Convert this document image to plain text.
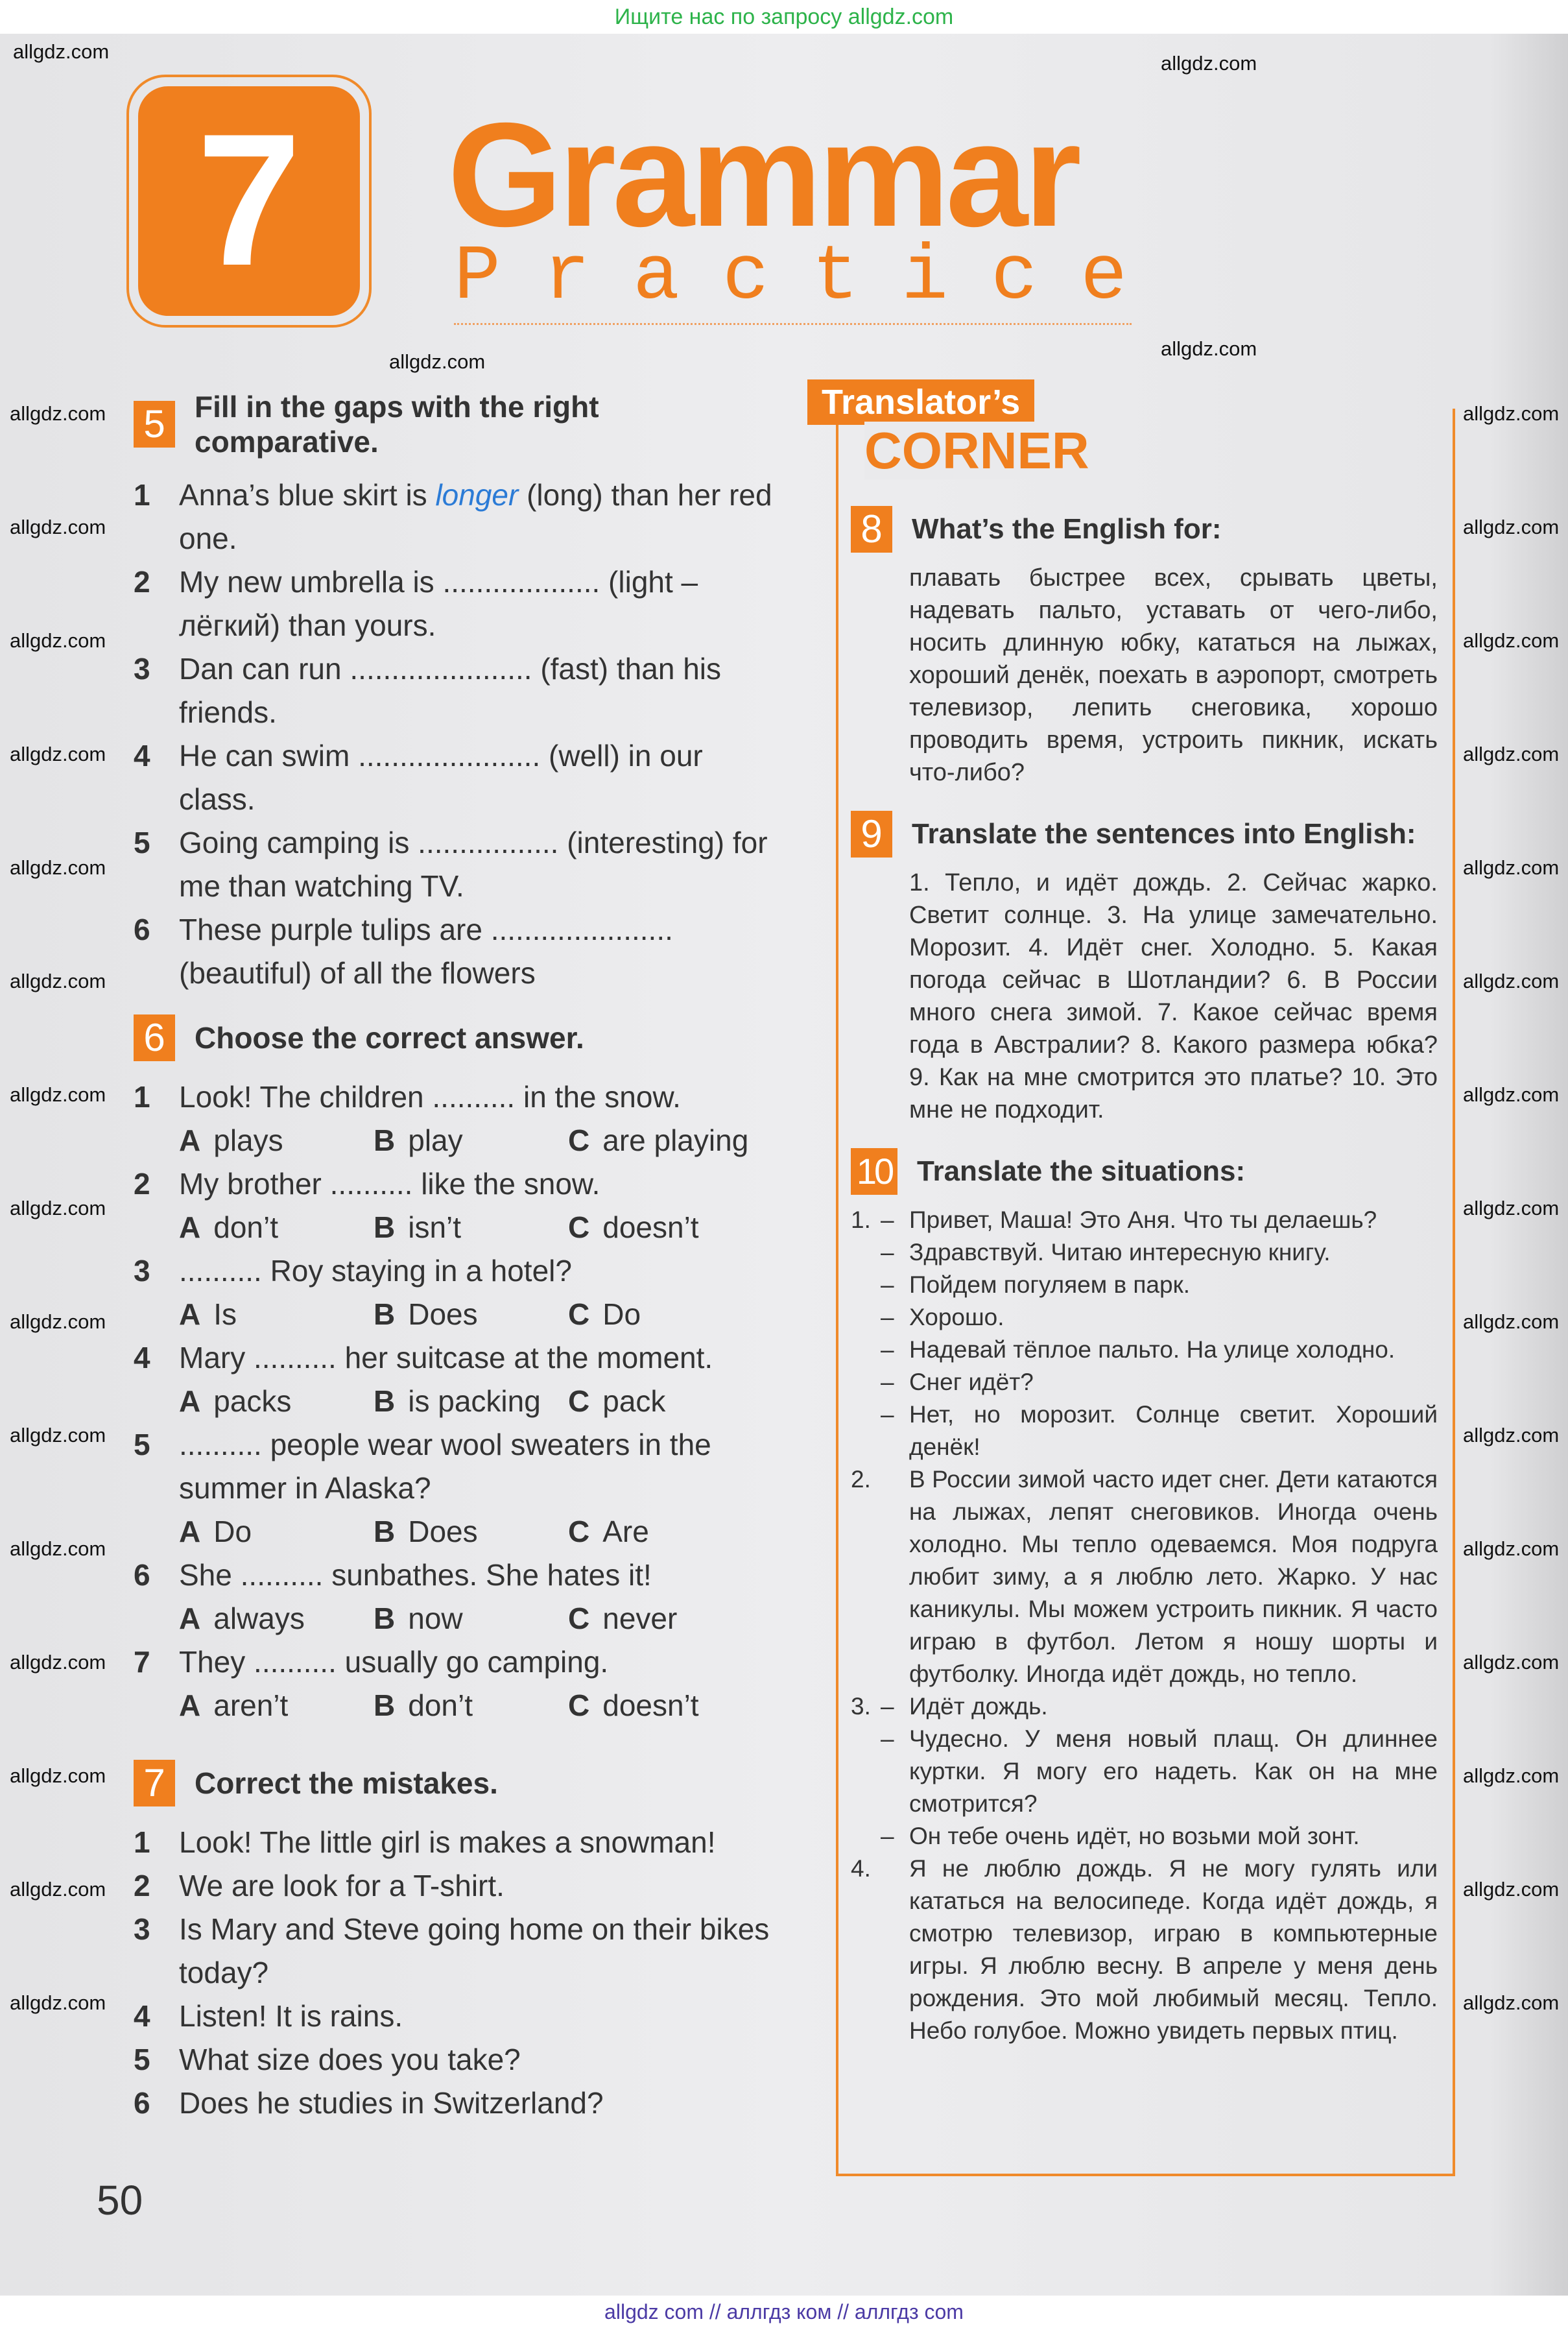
Ищите нас по запросу allgdz.com
7 Grammar
Practice
5 Fill in the gaps with the right comparative.
1 Anna’s blue skirt is longer (long) than her red one.
2 My new umbrella is ................... (light – лёгкий) than yours.
3 Dan can run ...................... (fast) than his friends.
4 He can swim ...................... (well) in our class.
5 Going camping is ................. (interesting) for me than watching TV.
6 These purple tulips are ...................... (beautiful) of all the flowers
6 Choose the correct answer.
1 Look! The children .......... in the snow.
A plays	B play	C are playing
2 My brother .......... like the snow.
A don’t	B isn’t	C doesn’t
3 .......... Roy staying in a hotel?
A Is	B Does	C Do
4 Mary .......... her suitcase at the moment.
A packs	B is packing C pack
5 .......... people wear wool sweaters in the summer in Alaska?
A Do	B Does	C Are
6 She .......... sunbathes. She hates it!
A always	B now	C never
7 They .......... usually go camping.
A aren’t	B don’t	C doesn’t
7 Correct the mistakes.
1 Look! The little girl is makes a snowman!
2 We are look for a T-shirt.
3 Is Mary and Steve going home on their bikes today?
4 Listen! It is rains.
5 What size does you take?
6 Does he studies in Switzerland?
Translator’s
CORNER
8	What’s the English for:
плавать быстрее всех, срывать цветы, надевать пальто, уставать от чего-либо, носить длинную юбку, кататься на лыжах, хороший денёк, поехать в аэропорт, смотреть телевизор, лепить снеговика, хорошо проводить время, устроить пикник, искать что-либо?
9	Translate the sentences into English:
1. Тепло, и идёт дождь. 2. Сейчас жарко. Светит солнце. 3. На улице замечательно. Морозит. 4. Идёт снег. Холодно. 5. Какая погода сейчас в Шотландии? 6. В России много снега зимой. 7. Какое сейчас время года в Австралии? 8. Какого размера юбка? 9. Как на мне смотрится это платье? 10. Это мне не подходит.
10 Translate the situations:
1. – Привет, Маша! Это Аня. Что ты делаешь?
– Здравствуй. Читаю интересную книгу.
– Пойдем погуляем в парк.
– Хорошо.
– Надевай тёплое пальто. На улице холодно.
– Снег идёт?
– Нет, но морозит. Солнце светит. Хороший денёк!
2.	В России зимой часто идет снег. Дети катаются на лыжах, лепят снеговиков. Иногда очень холодно. Мы тепло одеваемся. Моя подруга любит зиму, а я люблю лето. Жарко. У нас каникулы. Мы можем устроить пикник. Я часто играю в футбол. Летом я ношу шорты и футболку. Иногда идёт дождь, но тепло.
3. – Идёт дождь.
– Чудесно. У меня новый плащ. Он длиннее куртки. Я могу его надеть. Как он на мне смотрится?
– Он тебе очень идёт, но возьми мой зонт.
4.	Я не люблю дождь. Я не могу гулять или кататься на велосипеде. Когда идёт дождь, я смотрю телевизор, играю в компьютерные игры. Я люблю весну. В апреле у меня день рождения. Это мой любимый месяц. Тепло. Небо голубое. Можно увидеть первых птиц.
50
allgdz com // аллгдз ком // аллгдз com
allgdz.com
allgdz.com
allgdz.com
allgdz.com
allgdz.com	allgdz.com
allgdz.com	allgdz.com
allgdz.com	allgdz.com
allgdz.com	allgdz.com
allgdz.com	allgdz.com
allgdz.com	allgdz.com
allgdz.com	allgdz.com
allgdz.com	allgdz.com
allgdz.com	allgdz.com
allgdz.com	allgdz.com
allgdz.com	allgdz.com
allgdz.com	allgdz.com
allgdz.com	allgdz.com
allgdz.com	allgdz.com
allgdz.com	allgdz.com
